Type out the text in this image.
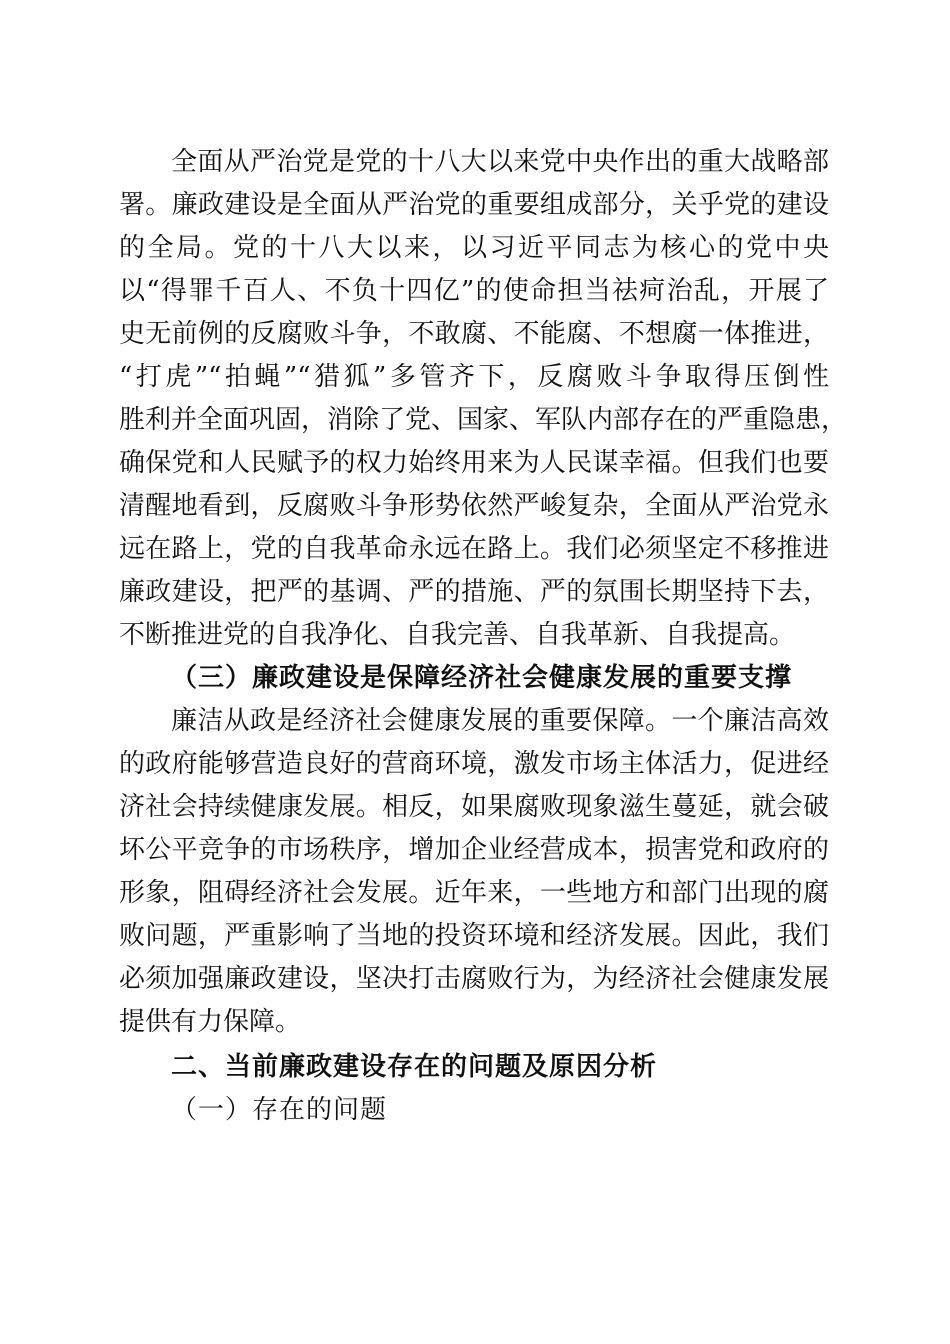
全面从严治党是党的十八大以来党中央作出的重大战略部
署。廉政建设是全面从严治党的重要组成部分，关乎党的建设
的全局。党的十八大以来，以习近平同志为核心的党中央
以“得罪千百人、不负十四亿”的使命担当祛疴治乱，开展了
史无前例的反腐败斗争，不敢腐、不能腐、不想腐一体推进，
“打虎”“拍蝇”“猎狐”多管齐下，反腐败斗争取得压倒性
胜利并全面巩固，消除了党、国家、军队内部存在的严重隐患，
确保党和人民赋予的权力始终用来为人民谋幸福。但我们也要
清醒地看到，反腐败斗争形势依然严峻复杂，全面从严治党永
远在路上，党的自我革命永远在路上。我们必须坚定不移推进
廉政建设，把严的基调、严的措施、严的氛围长期坚持下去，
不断推进党的自我净化、自我完善、自我革新、自我提高。
（三）廉政建设是保障经济社会健康发展的重要支撑
廉洁从政是经济社会健康发展的重要保障。一个廉洁高效
的政府能够营造良好的营商环境，激发市场主体活力，促进经
济社会持续健康发展。相反，如果腐败现象滋生蔓延，就会破
坏公平竞争的市场秩序，增加企业经营成本，损害党和政府的
形象，阻碍经济社会发展。近年来，一些地方和部门出现的腐
败问题，严重影响了当地的投资环境和经济发展。因此，我们
必须加强廉政建设，坚决打击腐败行为，为经济社会健康发展
提供有力保障。
二、当前廉政建设存在的问题及原因分析
（一）存在的问题
